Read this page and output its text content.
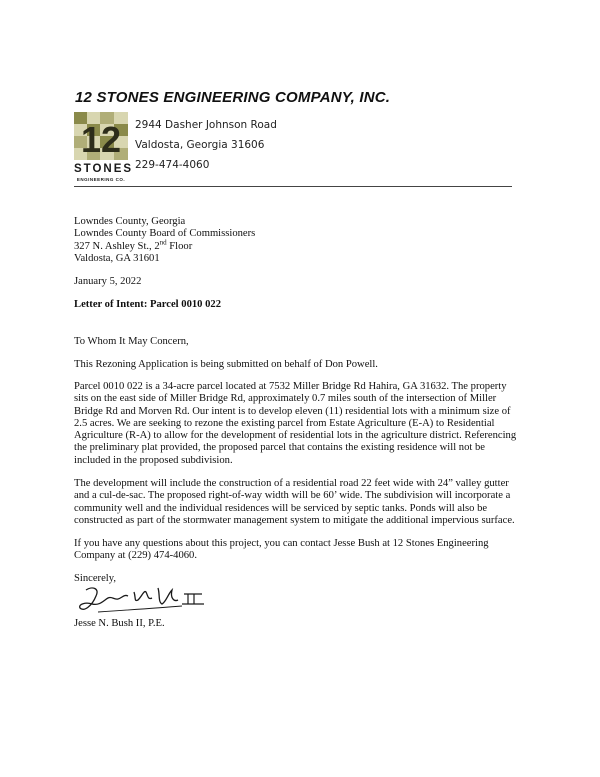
12 STONES ENGINEERING COMPANY, INC.
12
STONES
ENGINEERING CO.
2944 Dasher Johnson Road
Valdosta, Georgia 31606
229-474-4060

Lowndes County, Georgia

Lowndes County Board of Commissioners

327 N. Ashley St., 2nd Floor

Valdosta, GA 31601

January 5, 2022

Letter of Intent: Parcel 0010 022

To Whom It May Concern,

This Rezoning Application is being submitted on behalf of Don Powell.

Parcel 0010 022 is a 34-acre parcel located at 7532 Miller Bridge Rd Hahira, GA 31632. The property sits on the east side of Miller Bridge Rd, approximately 0.7 miles south of the intersection of Miller Bridge Rd and Morven Rd. Our intent is to develop eleven (11) residential lots with a minimum size of 2.5 acres. We are seeking to rezone the existing parcel from Estate Agriculture (E-A) to Residential Agriculture (R-A) to allow for the development of residential lots in the agriculture district. Referencing the preliminary plat provided, the proposed parcel that contains the existing residence will not be included in the proposed subdivision.

The development will include the construction of a residential road 22 feet wide with 24” valley gutter and a cul-de-sac. The proposed right-of-way width will be 60’ wide. The subdivision will incorporate a community well and the individual residences will be serviced by septic tanks. Ponds will also be constructed as part of the stormwater management system to mitigate the additional impervious surface.

If you have any questions about this project, you can contact Jesse Bush at 12 Stones Engineering Company at (229) 474-4060.

Sincerely,

Jesse N. Bush II, P.E.
